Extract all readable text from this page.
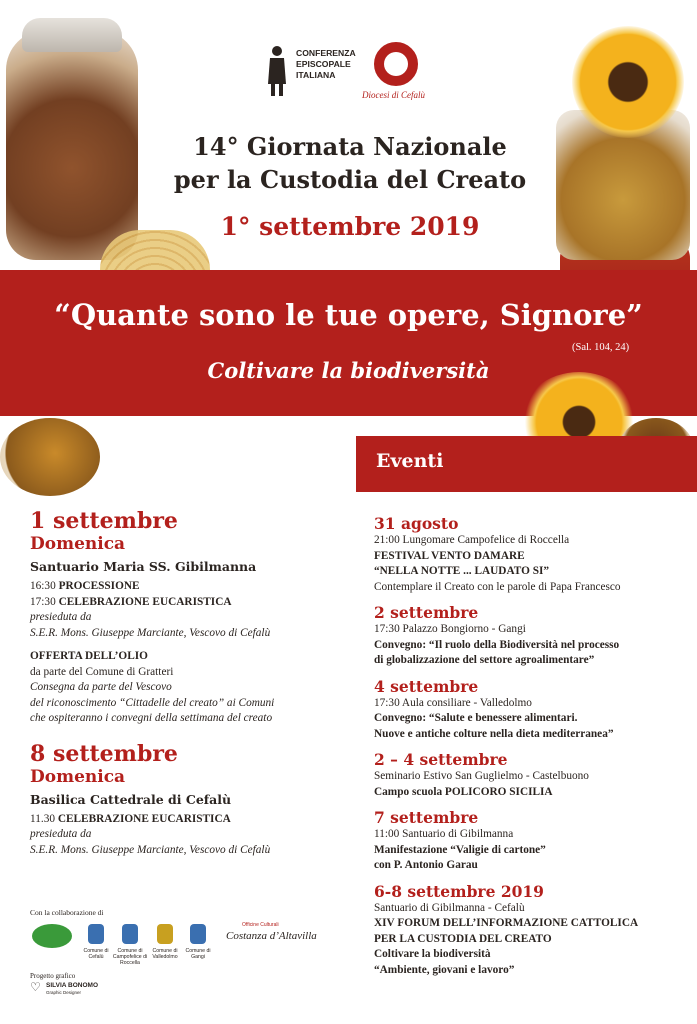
CONFERENZA
EPISCOPALE
ITALIANA
Diocesi di Cefalù
14° Giornata Nazionale
per la Custodia del Creato
1° settembre 2019
“Quante sono le tue opere, Signore”
(Sal. 104, 24)
Coltivare la biodiversità
Eventi
1 settembre
Domenica
Santuario Maria SS. Gibilmanna
16:30 PROCESSIONE
17:30 CELEBRAZIONE EUCARISTICA
presieduta da
S.E.R. Mons. Giuseppe Marciante, Vescovo di Cefalù
OFFERTA DELL’OLIO
da parte del Comune di Gratteri
Consegna da parte del Vescovo
del riconoscimento “Cittadelle del creato” ai Comuni
che ospiteranno i convegni della settimana del creato
8 settembre
Domenica
Basilica Cattedrale di Cefalù
11.30 CELEBRAZIONE EUCARISTICA
presieduta da
S.E.R. Mons. Giuseppe Marciante, Vescovo di Cefalù
31 agosto
21:00 Lungomare Campofelice di Roccella
FESTIVAL VENTO DAMARE
“NELLA NOTTE ... LAUDATO SI”
Contemplare il Creato con le parole di Papa Francesco
2 settembre
17:30 Palazzo Bongiorno - Gangi
Convegno: “Il ruolo della Biodiversità nel processo
di globalizzazione del settore agroalimentare”
4 settembre
17:30 Aula consiliare - Valledolmo
Convegno: “Salute e benessere alimentari.
Nuove e antiche colture nella dieta mediterranea”
2 – 4 settembre
Seminario Estivo San Guglielmo - Castelbuono
Campo scuola POLICORO SICILIA
7 settembre
11:00 Santuario di Gibilmanna
Manifestazione “Valigie di cartone”
con P. Antonio Garau
6-8 settembre 2019
Santuario di Gibilmanna - Cefalù
XIV FORUM DELL’INFORMAZIONE CATTOLICA
PER LA CUSTODIA DEL CREATO
Coltivare la biodiversità
“Ambiente, giovani e lavoro”
Con la collaborazione di
Comune di Cefalù
Comune di Campofelice di Roccella
Comune di Valledolmo
Comune di Gangi
Officine Culturali
Costanza d’Altavilla
Progetto grafico
♡ SILVIA BONOMO
Graphic Designer
